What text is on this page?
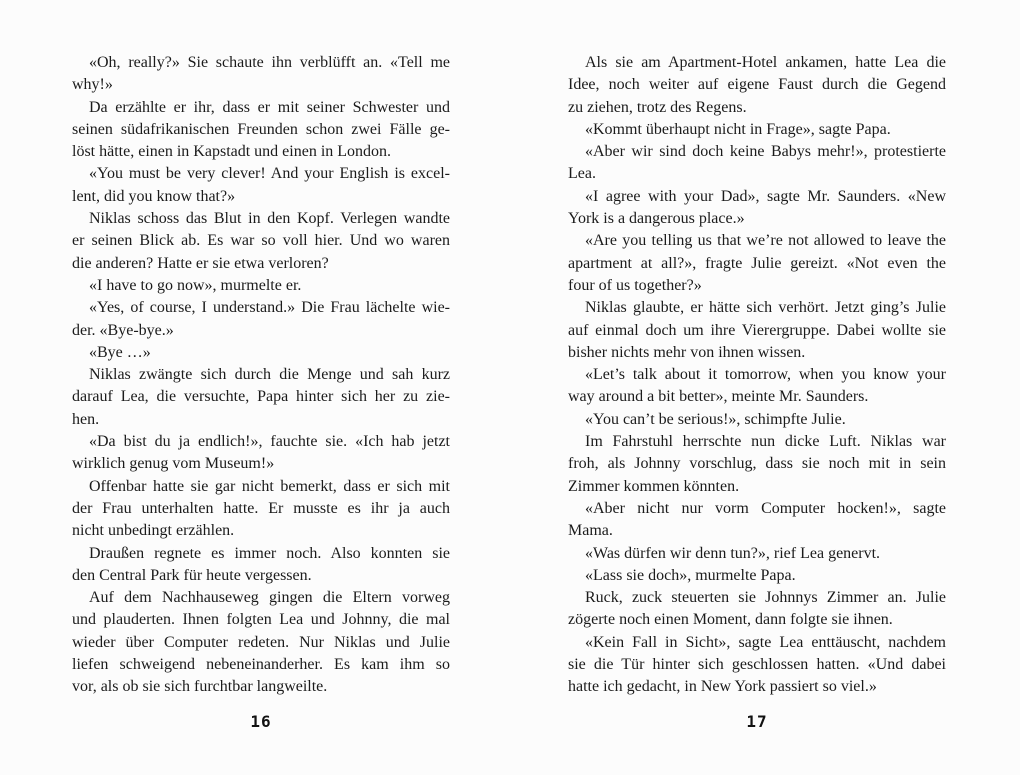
«Oh, really?» Sie schaute ihn verblüfft an. «Tell me
why!»
Da erzählte er ihr, dass er mit seiner Schwester und
seinen südafrikanischen Freunden schon zwei Fälle ge-
löst hätte, einen in Kapstadt und einen in London.
«You must be very clever! And your English is excel-
lent, did you know that?»
Niklas schoss das Blut in den Kopf. Verlegen wandte
er seinen Blick ab. Es war so voll hier. Und wo waren
die anderen? Hatte er sie etwa verloren?
«I have to go now», murmelte er.
«Yes, of course, I understand.» Die Frau lächelte wie-
der. «Bye-bye.»
«Bye …»
Niklas zwängte sich durch die Menge und sah kurz
darauf Lea, die versuchte, Papa hinter sich her zu zie-
hen.
«Da bist du ja endlich!», fauchte sie. «Ich hab jetzt
wirklich genug vom Museum!»
Offenbar hatte sie gar nicht bemerkt, dass er sich mit
der Frau unterhalten hatte. Er musste es ihr ja auch
nicht unbedingt erzählen.
Draußen regnete es immer noch. Also konnten sie
den Central Park für heute vergessen.
Auf dem Nachhauseweg gingen die Eltern vorweg
und plauderten. Ihnen folgten Lea und Johnny, die mal
wieder über Computer redeten. Nur Niklas und Julie
liefen schweigend nebeneinanderher. Es kam ihm so
vor, als ob sie sich furchtbar langweilte.
Als sie am Apartment-Hotel ankamen, hatte Lea die
Idee, noch weiter auf eigene Faust durch die Gegend
zu ziehen, trotz des Regens.
«Kommt überhaupt nicht in Frage», sagte Papa.
«Aber wir sind doch keine Babys mehr!», protestierte
Lea.
«I agree with your Dad», sagte Mr. Saunders. «New
York is a dangerous place.»
«Are you telling us that we’re not allowed to leave the
apartment at all?», fragte Julie gereizt. «Not even the
four of us together?»
Niklas glaubte, er hätte sich verhört. Jetzt ging’s Julie
auf einmal doch um ihre Vierergruppe. Dabei wollte sie
bisher nichts mehr von ihnen wissen.
«Let’s talk about it tomorrow, when you know your
way around a bit better», meinte Mr. Saunders.
«You can’t be serious!», schimpfte Julie.
Im Fahrstuhl herrschte nun dicke Luft. Niklas war
froh, als Johnny vorschlug, dass sie noch mit in sein
Zimmer kommen könnten.
«Aber nicht nur vorm Computer hocken!», sagte
Mama.
«Was dürfen wir denn tun?», rief Lea genervt.
«Lass sie doch», murmelte Papa.
Ruck, zuck steuerten sie Johnnys Zimmer an. Julie
zögerte noch einen Moment, dann folgte sie ihnen.
«Kein Fall in Sicht», sagte Lea enttäuscht, nachdem
sie die Tür hinter sich geschlossen hatten. «Und dabei
hatte ich gedacht, in New York passiert so viel.»
16	17
